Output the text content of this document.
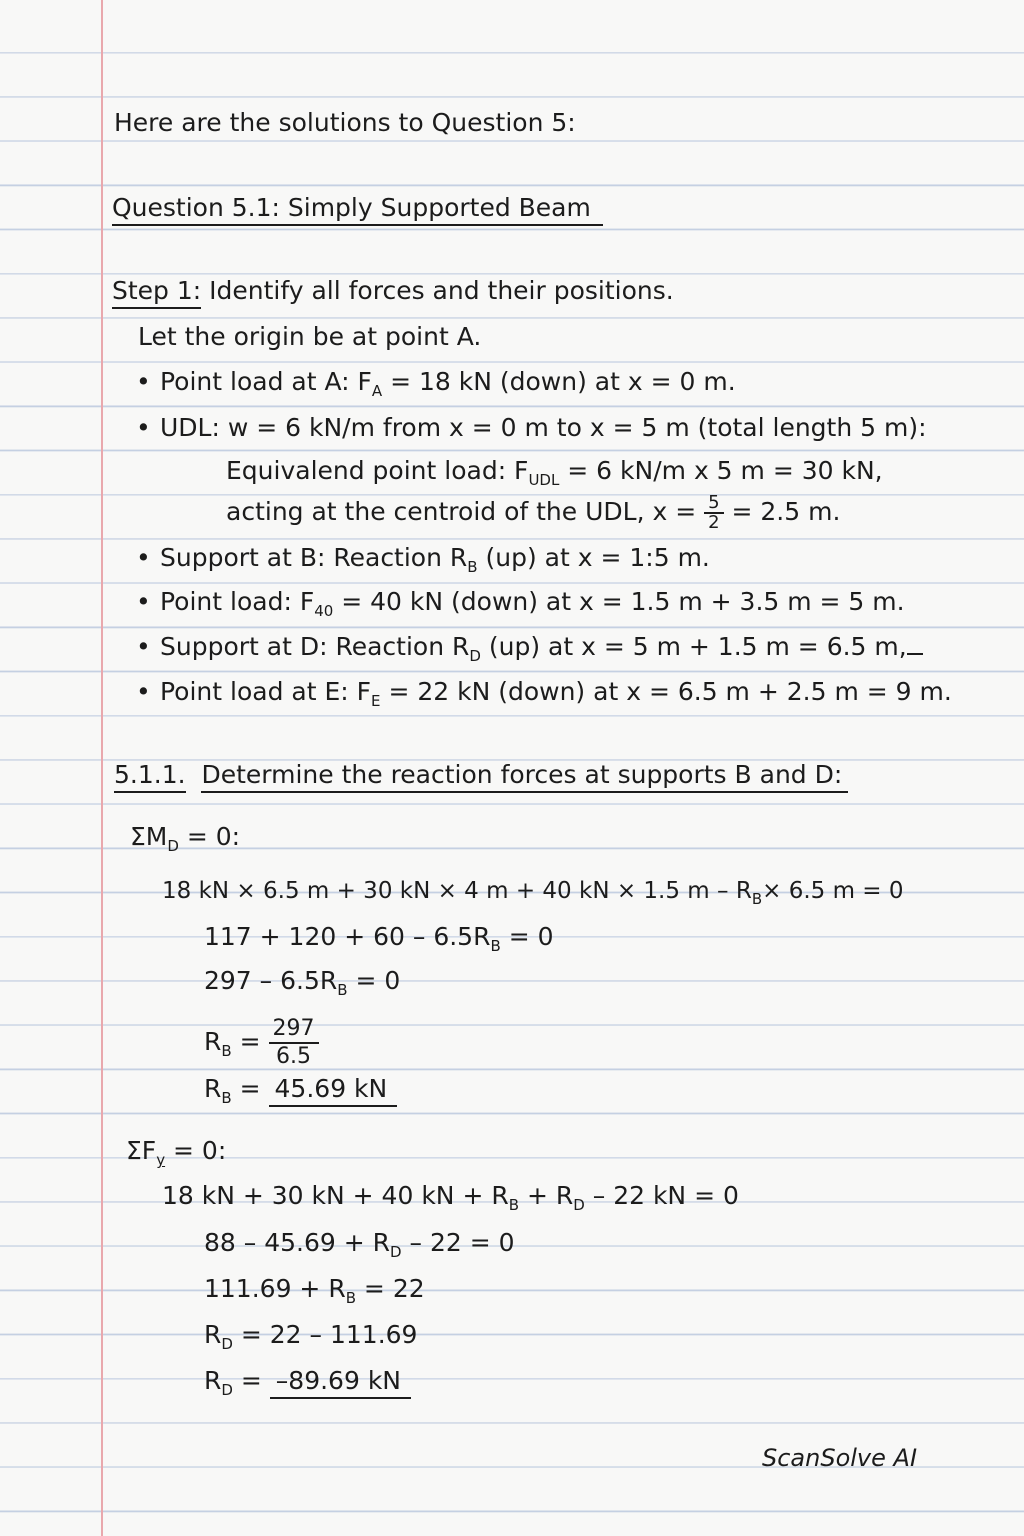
Here are the solutions to Question 5:
Question 5.1: Simply Supported Beam
Step 1: Identify all forces and their positions.
Let the origin be at point A.
• Point load at A: $F_A = 18$ kN (down) at x = 0 m.
• UDL: w = 6 kN/m from x = 0 m to x = 5 m (total length 5 m):
Equivalend point load: $F_{UDL} = 6$ kN/m x 5 m = 30 kN,
acting at the centroid of the UDL, $x = \frac{5}{2} = 2.5$ m.
• Support at B: Reaction $R_B$ (up) at x = 1:5 m.
• Point load: $F_{40} = 40$ kN (down) at x = 1.5 m + 3.5 m = 5 m.
• Support at D: Reaction $R_D$ (up) at x = 5 m + 1.5 m = 6.5 m,
• Point load at E: $F_E = 22$ kN (down) at x = 6.5 m + 2.5 m = 9 m.
5.1.1. Determine the reaction forces at supports B and D:
$\Sigma M_D = 0$:
18 kN × 6.5 m + 30 kN × 4 m + 40 kN × 1.5 $m - R_B\times 6.5$ m = 0
$117 + 120 + 60 - 6.5R_B = 0$
$297 - 6.5R_B = 0$
$R_B = \frac{297}{6.5}$
$R_B = 45.69$ kN
$\Sigma F_y = 0$:
18 kN + 30 kN + 40 kN + $R_B + R_D - 22$ kN = 0
$88 - 45.69 + R_D - 22 = 0$
$111.69 + R_B = 22$
$R_D = 22 - 111.69$
$R_D = -89.69$ kN
ScanSolve AI
